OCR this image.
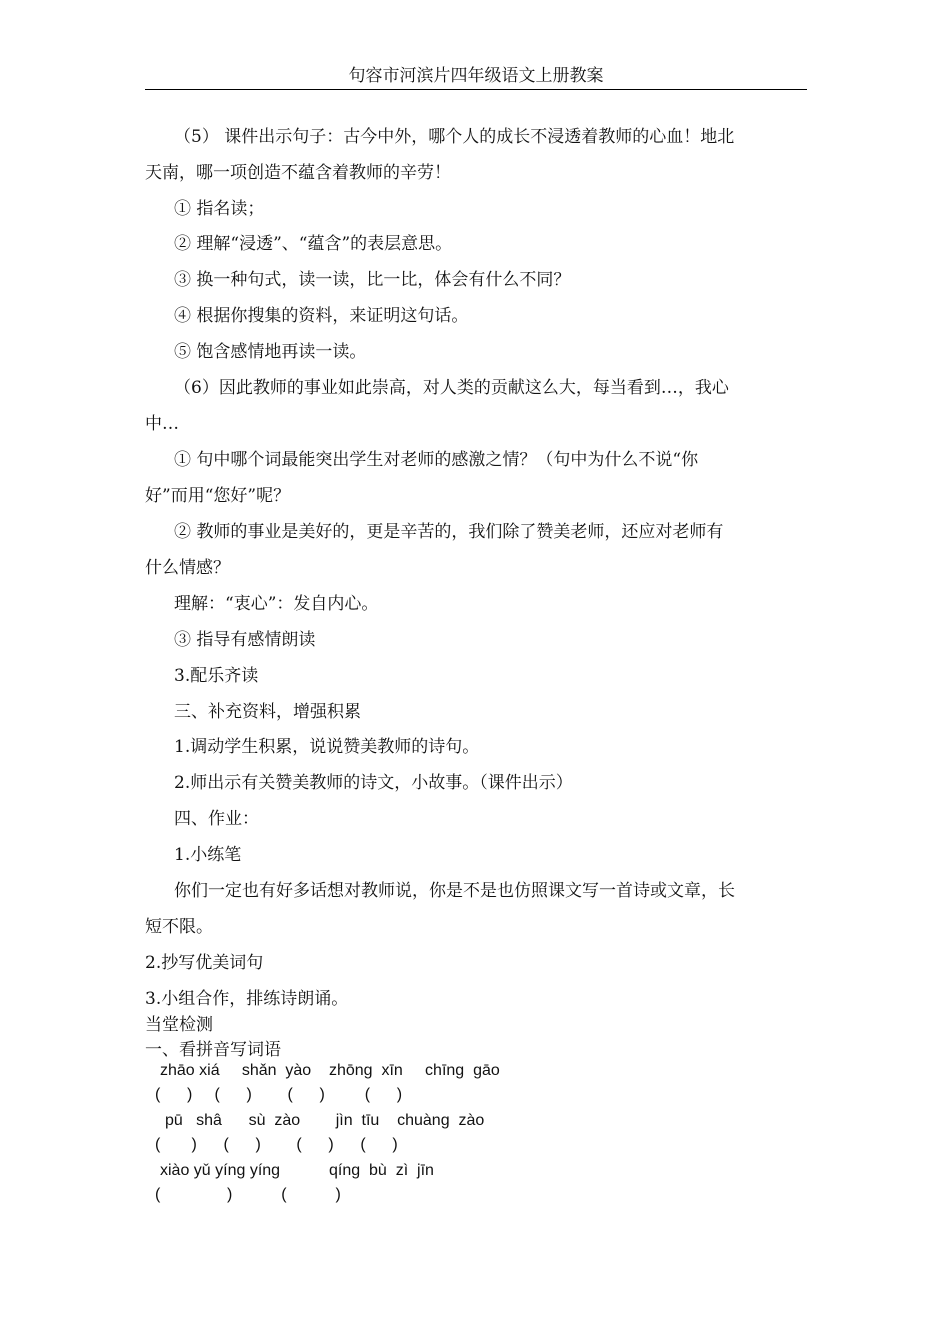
句容市河滨片四年级语文上册教案
（5） 课件出示句子：古今中外，哪个人的成长不浸透着教师的心血！地北
天南，哪一项创造不蕴含着教师的辛劳！
① 指名读；
② 理解“浸透”、“蕴含”的表层意思。
③ 换一种句式，读一读，比一比，体会有什么不同？
④ 根据你搜集的资料，来证明这句话。
⑤ 饱含感情地再读一读。
（6）因此教师的事业如此崇高，对人类的贡献这么大，每当看到…，我心
中…
① 句中哪个词最能突出学生对老师的感激之情？（句中为什么不说“你
好”而用“您好”呢？
② 教师的事业是美好的，更是辛苦的，我们除了赞美老师，还应对老师有
什么情感？
理解：“衷心”：发自内心。
③ 指导有感情朗读
3.配乐齐读
三、补充资料，增强积累
1.调动学生积累，说说赞美教师的诗句。
2.师出示有关赞美教师的诗文，小故事。（课件出示）
四、作业：
1.小练笔
你们一定也有好多话想对教师说，你是不是也仿照课文写一首诗或文章，长
短不限。
2.抄写优美词句
3.小组合作，排练诗朗诵。
当堂检测
一、看拼音写词语
zhāo xiá     shǎn  yào    zhōng  xīn     chīng  gāo
(      )     (      )        (      )         (      )
pū   shâ      sù  zào        jìn  tīu    chuàng  zào
(       )      (      )        (      )      (      )
xiào yǔ yíng yíng           qíng  bù  zì  jīn
(               )           (           )
